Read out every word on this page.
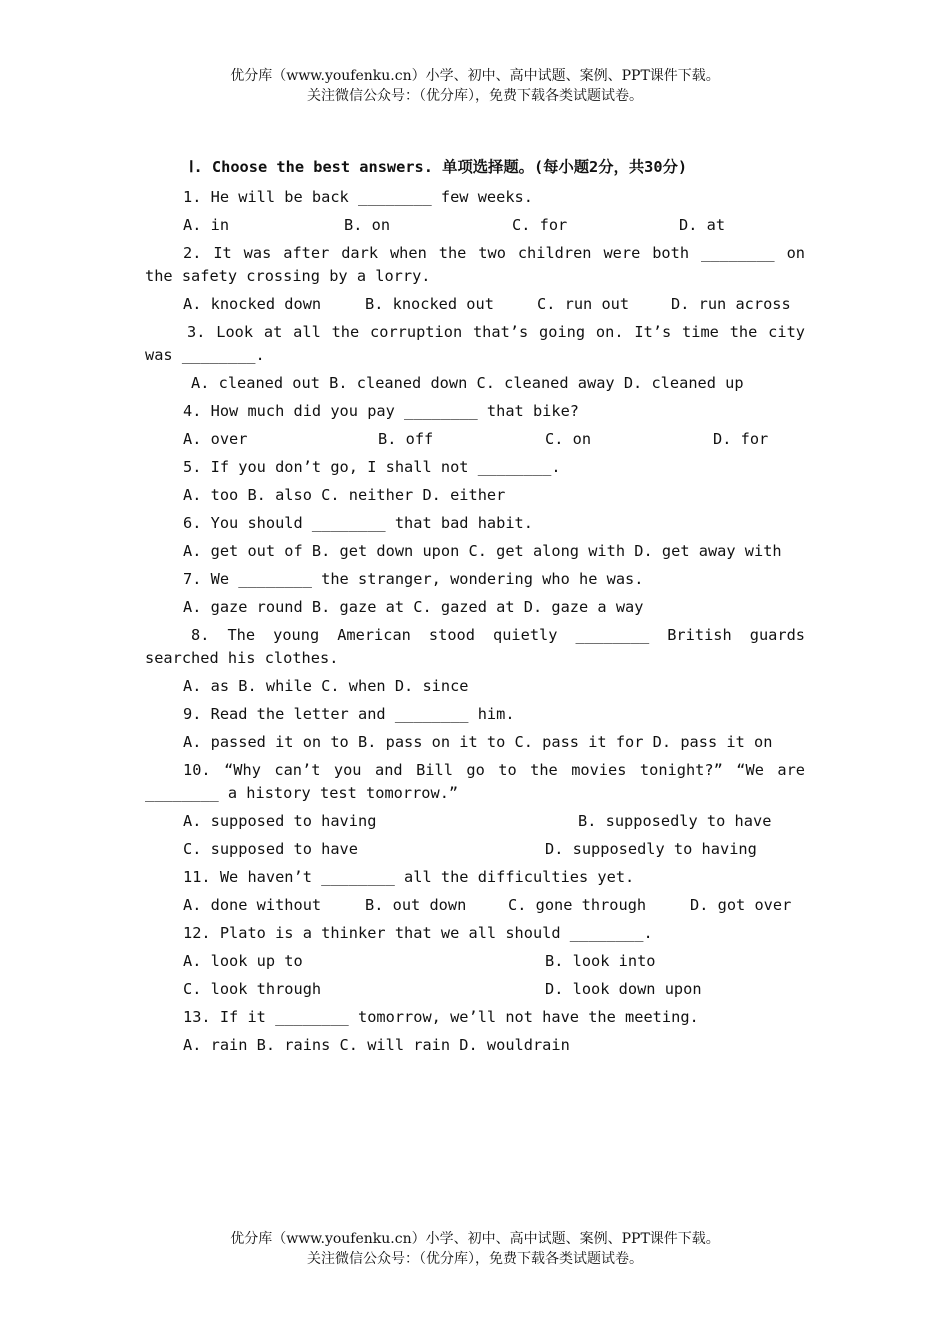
优分库（www.youfenku.cn）小学、初中、高中试题、案例、PPT课件下载。
关注微信公众号：（优分库），免费下载各类试题试卷。
Ⅰ. Choose the best answers. 单项选择题。(每小题2分，共30分)
1. He will be back ________ few weeks.
A. in	B. on	C. for	D. at
2. It was after dark when the two children were both ________ on the safety crossing by a lorry.
A. knocked down	B. knocked out	C. run out	D. run across
3. Look at all the corruption that’s going on. It’s time the city was ________.
A. cleaned out B. cleaned down C. cleaned away D. cleaned up
4. How much did you pay ________ that bike?
A. over	B. off	C. on	D. for
5. If you don’t go, I shall not ________.
A. too B. also C. neither D. either
6. You should ________ that bad habit.
A. get out of B. get down upon C. get along with D. get away with
7. We ________ the stranger, wondering who he was.
A. gaze round B. gaze at C. gazed at D. gaze a way
8. The young American stood quietly ________ British guards searched his clothes.
A. as B. while C. when D. since
9. Read the letter and ________ him.
A. passed it on to B. pass on it to C. pass it for D. pass it on
10. “Why can’t you and Bill go to the movies tonight?” “We are ________ a history test tomorrow.”
A. supposed to having	B. supposedly to have
C. supposed to have	D. supposedly to having
11. We haven’t ________ all the difficulties yet.
A. done without	B. out down	C. gone through	D. got over
12. Plato is a thinker that we all should ________.
A. look up to	B. look into
C. look through	D. look down upon
13. If it ________ tomorrow, we’ll not have the meeting.
A. rain B. rains C. will rain D. wouldrain
优分库（www.youfenku.cn）小学、初中、高中试题、案例、PPT课件下载。
关注微信公众号：（优分库），免费下载各类试题试卷。
